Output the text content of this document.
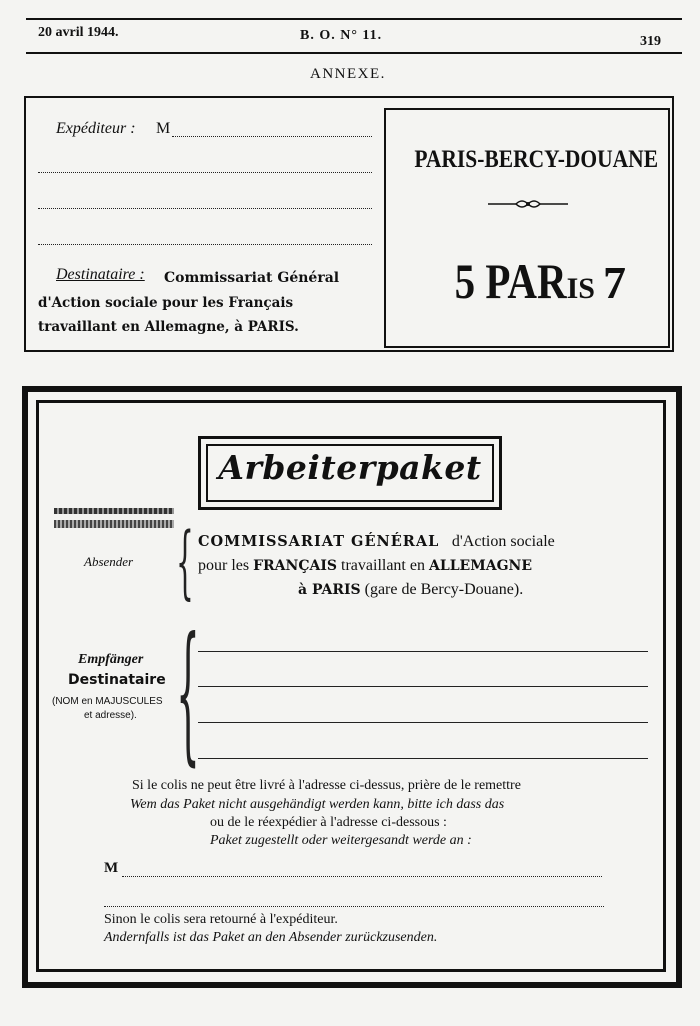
20 avril 1944.	B. O. N° 11.	319
ANNEXE.
Expéditeur : M
Destinataire : Commissariat Général
d'Action sociale pour les Français
travaillant en Allemagne, à PARIS.
PARIS-BERCY-DOUANE
5 PARIS 7
Arbeiterpaket
Absender { COMMISSARIAT GÉNÉRAL d'Action sociale
pour les FRANÇAIS travaillant en ALLEMAGNE
à PARIS (gare de Bercy-Douane).
Empfänger
Destinataire
(NOM en MAJUSCULES
et adresse). {
Si le colis ne peut être livré à l'adresse ci-dessus, prière de le remettre
Wem das Paket nicht ausgehändigt werden kann, bitte ich dass das
ou de le réexpédier à l'adresse ci-dessous :
Paket zugestellt oder weitergesandt werde an :
M
Sinon le colis sera retourné à l'expéditeur.
Andernfalls ist das Paket an den Absender zurückzusenden.
